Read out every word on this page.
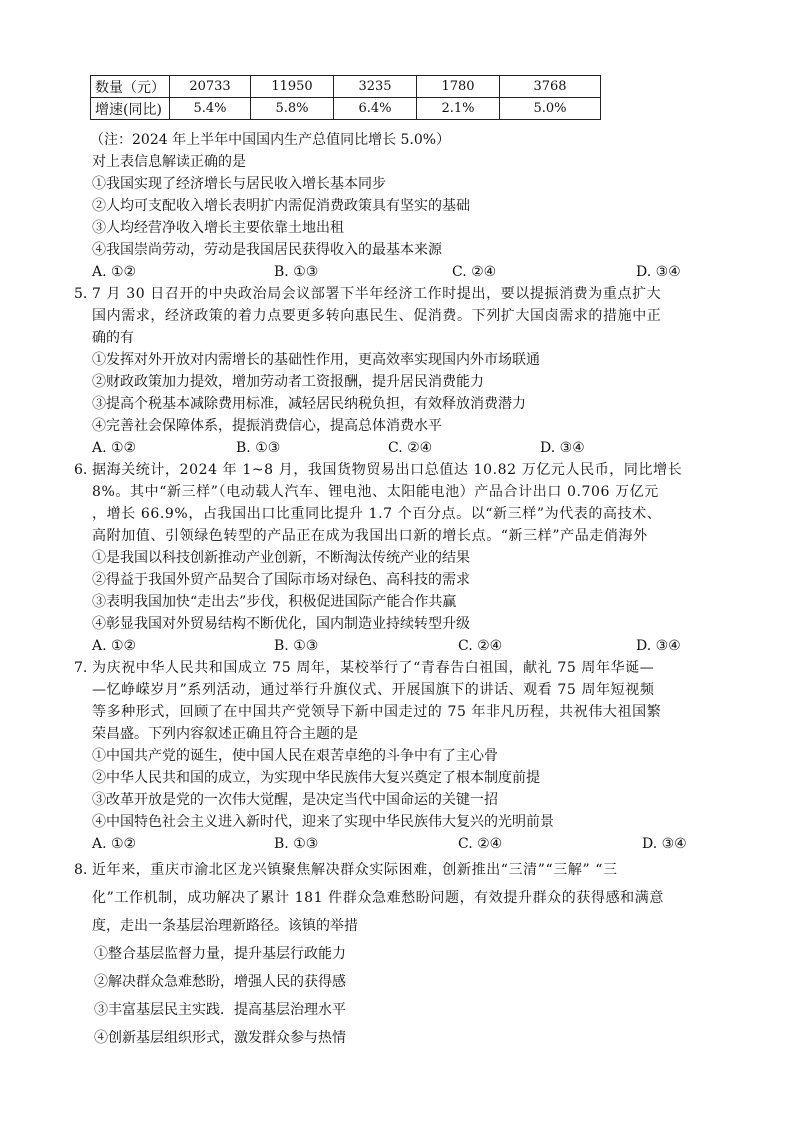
数量（元）	20733	11950	3235	1780	3768
增速(同比)	5.4%	5.8%	6.4%	2.1%	5.0%
（注：2024 年上半年中国国内生产总值同比增长 5.0%）
对上表信息解读正确的是
①我国实现了经济增长与居民收入增长基本同步
②人均可支配收入增长表明扩内需促消费政策具有坚实的基础
③人均经营净收入增长主要依靠土地出租
④我国崇尚劳动，劳动是我国居民获得收入的最基本来源
A. ①②	B. ①③	C. ②④	D. ③④
5. 7 月 30 日召开的中央政治局会议部署下半年经济工作时提出，要以提振消费为重点扩大
国内需求，经济政策的着力点要更多转向惠民生、促消费。下列扩大国卤需求的措施中正
确的有
①发挥对外开放对内需增长的基础性作用，更高效率实现国内外市场联通
②财政政策加力提效，增加劳动者工资报酬，提升居民消费能力
③提高个税基本减除费用标准，减轻居民纳税负担，有效释放消费潜力
④完善社会保障体系，提振消费信心，提高总体消费水平
A. ①②	B. ①③	C. ②④	D. ③④
6. 据海关统计，2024 年 1~8 月，我国货物贸易出口总值达 10.82 万亿元人民币，同比增长
8%。其中“新三样”（电动载人汽车、锂电池、太阳能电池）产品合计出口 0.706 万亿元
，增长 66.9%，占我国出口比重同比提升 1.7 个百分点。以“新三样”为代表的高技术、
高附加值、引领绿色转型的产品正在成为我国出口新的增长点。“新三样”产品走俏海外
①是我国以科技创新推动产业创新，不断淘汰传统产业的结果
②得益于我国外贸产品契合了国际市场对绿色、高科技的需求
③表明我国加快“走出去”步伐，积极促进国际产能合作共赢
④彰显我国对外贸易结构不断优化，国内制造业持续转型升级
A. ①②	B. ①③	C. ②④	D. ③④
7. 为庆祝中华人民共和国成立 75 周年，某校举行了“青春告白祖国，献礼 75 周年华诞—
—忆峥嵘岁月”系列活动，通过举行升旗仪式、开展国旗下的讲话、观看 75 周年短视频
等多种形式，回顾了在中国共产党领导下新中国走过的 75 年非凡历程，共祝伟大祖国繁
荣昌盛。下列内容叙述正确且符合主题的是
①中国共产党的诞生，使中国人民在艰苦卓绝的斗争中有了主心骨
②中华人民共和国的成立，为实现中华民族伟大复兴奠定了根本制度前提
③改革开放是党的一次伟大觉醒，是决定当代中国命运的关键一招
④中国特色社会主义进入新时代，迎来了实现中华民族伟大复兴的光明前景
A. ①②	B. ①③	C. ②④	D. ③④
8. 近年来，重庆市渝北区龙兴镇聚焦解决群众实际困难，创新推出“三清”“三解” “三
化”工作机制，成功解决了累计 181 件群众急难愁盼问题，有效提升群众的获得感和满意
度，走出一条基层治理新路径。该镇的举措
①整合基层监督力量，提升基层行政能力
②解决群众急难愁盼，增强人民的获得感
③丰富基层民主实践．提高基层治理水平
④创新基层组织形式，激发群众参与热情
